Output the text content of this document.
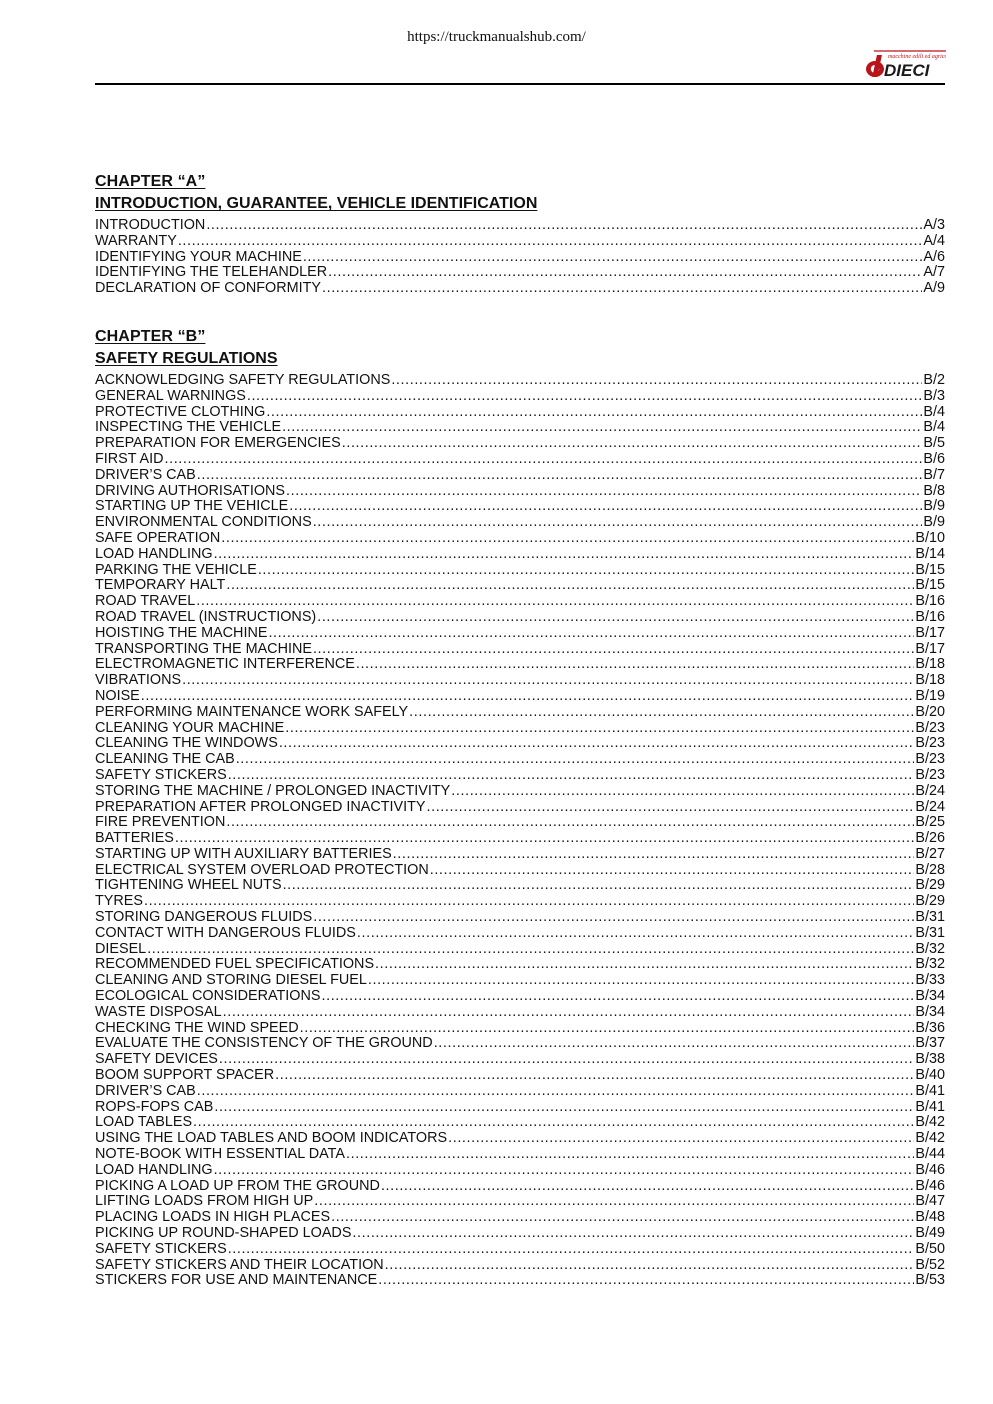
https://truckmanualshub.com/
macchine edili ed agricole
DIECI
CHAPTER “A”
INTRODUCTION, GUARANTEE, VEHICLE IDENTIFICATION
INTRODUCTION .....	A/3
WARRANTY .....	A/4
IDENTIFYING YOUR MACHINE .....	A/6
IDENTIFYING THE TELEHANDLER .....	A/7
DECLARATION OF CONFORMITY .....	A/9
CHAPTER “B”
SAFETY REGULATIONS
ACKNOWLEDGING SAFETY REGULATIONS .....	B/2
GENERAL WARNINGS .....	B/3
PROTECTIVE CLOTHING .....	B/4
INSPECTING THE VEHICLE .....	B/4
PREPARATION FOR EMERGENCIES .....	B/5
FIRST AID .....	B/6
DRIVER’S CAB .....	B/7
DRIVING AUTHORISATIONS .....	B/8
STARTING UP THE VEHICLE .....	B/9
ENVIRONMENTAL CONDITIONS .....	B/9
SAFE OPERATION .....	B/10
LOAD HANDLING .....	B/14
PARKING THE VEHICLE .....	B/15
TEMPORARY HALT .....	B/15
ROAD TRAVEL .....	B/16
ROAD TRAVEL (INSTRUCTIONS) .....	B/16
HOISTING THE MACHINE .....	B/17
TRANSPORTING THE MACHINE .....	B/17
ELECTROMAGNETIC INTERFERENCE .....	B/18
VIBRATIONS .....	B/18
NOISE .....	B/19
PERFORMING MAINTENANCE WORK SAFELY .....	B/20
CLEANING YOUR MACHINE .....	B/23
CLEANING THE WINDOWS .....	B/23
CLEANING THE CAB .....	B/23
SAFETY STICKERS .....	B/23
STORING THE MACHINE / PROLONGED INACTIVITY .....	B/24
PREPARATION AFTER PROLONGED INACTIVITY .....	B/24
FIRE PREVENTION .....	B/25
BATTERIES .....	B/26
STARTING UP WITH AUXILIARY BATTERIES .....	B/27
ELECTRICAL SYSTEM OVERLOAD PROTECTION .....	B/28
TIGHTENING WHEEL NUTS .....	B/29
TYRES .....	B/29
STORING DANGEROUS FLUIDS .....	B/31
CONTACT WITH DANGEROUS FLUIDS .....	B/31
DIESEL .....	B/32
RECOMMENDED FUEL SPECIFICATIONS .....	B/32
CLEANING AND STORING DIESEL FUEL .....	B/33
ECOLOGICAL CONSIDERATIONS .....	B/34
WASTE DISPOSAL .....	B/34
CHECKING THE WIND SPEED .....	B/36
EVALUATE THE CONSISTENCY OF THE GROUND .....	B/37
SAFETY DEVICES .....	B/38
BOOM SUPPORT SPACER .....	B/40
DRIVER’S CAB .....	B/41
ROPS-FOPS CAB .....	B/41
LOAD TABLES .....	B/42
USING THE LOAD TABLES AND BOOM INDICATORS .....	B/42
NOTE-BOOK WITH ESSENTIAL DATA .....	B/44
LOAD HANDLING .....	B/46
PICKING A LOAD UP FROM THE GROUND .....	B/46
LIFTING LOADS FROM HIGH UP .....	B/47
PLACING LOADS IN HIGH PLACES .....	B/48
PICKING UP ROUND-SHAPED LOADS .....	B/49
SAFETY STICKERS .....	B/50
SAFETY STICKERS AND THEIR LOCATION .....	B/52
STICKERS FOR USE AND MAINTENANCE .....	B/53
